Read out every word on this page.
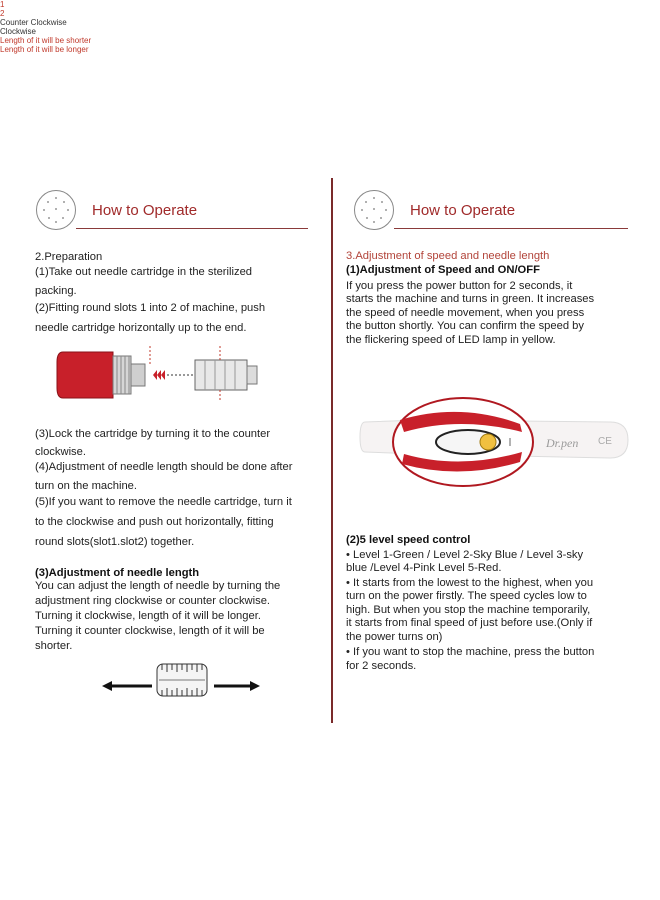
How to Operate
2.Preparation
(1)Take out needle cartridge in the sterilized
packing.
(2)Fitting round slots 1 into 2 of machine, push
needle cartridge horizontally up to the end.
1
2
(3)Lock the cartridge by turning it to the counter
clockwise.
(4)Adjustment of needle length should be done after
turn on the machine.
(5)If you want to remove the needle cartridge, turn it
to the clockwise and push out horizontally, fitting
round slots(slot1.slot2) together.
(3)Adjustment of needle length
You can adjust the length of needle by turning the
adjustment ring clockwise or counter clockwise.
Turning it clockwise, length of it will be longer.
Turning it counter clockwise, length of it will be
shorter.
Counter Clockwise
Clockwise
Length of it will be shorter
Length of it will be longer
How to Operate
3.Adjustment of speed and needle length
(1)Adjustment of Speed and ON/OFF
If you press the power button for 2 seconds, it
starts the machine and turns in green. It increases
the speed of needle movement, when you press
the button shortly. You can confirm the speed by
the flickering speed of LED lamp in yellow.
Dr.pen CE
(2)5 level speed control
• Level 1-Green / Level 2-Sky Blue / Level 3-sky
blue /Level 4-Pink Level 5-Red.
• It starts from the lowest to the highest, when you
turn on the power firstly. The speed cycles low to
high. But when you stop the machine temporarily,
it starts from final speed of just before use.(Only if
the power turns on)
• If you want to stop the machine, press the button
for 2 seconds.
